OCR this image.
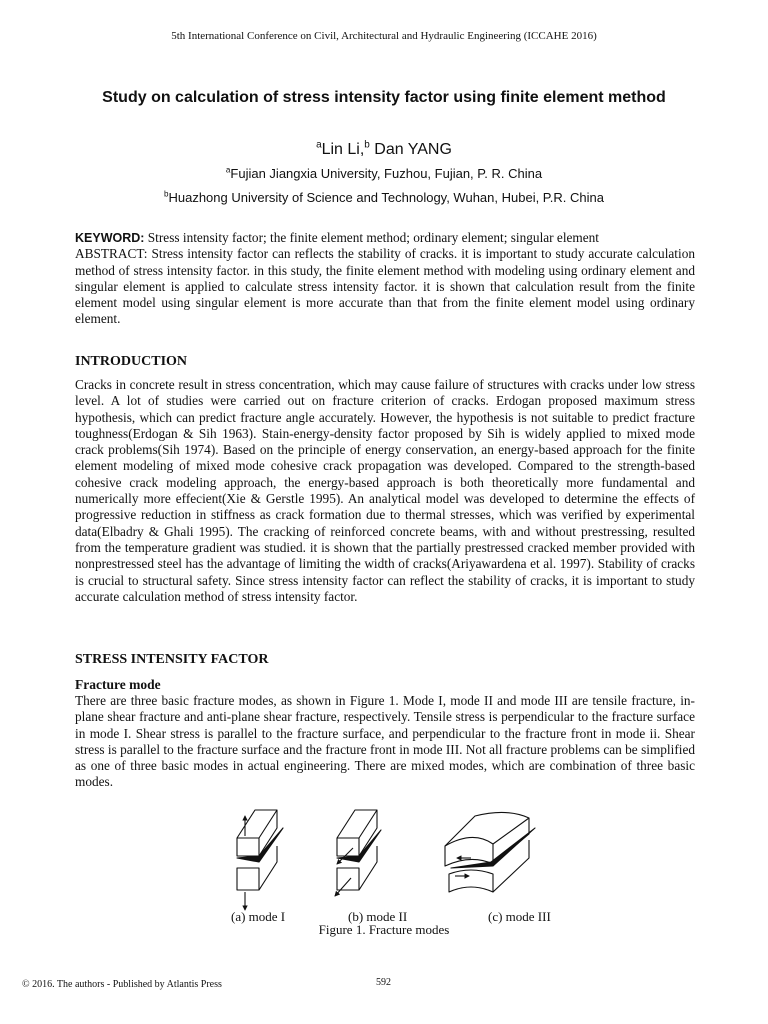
5th International Conference on Civil, Architectural and Hydraulic Engineering (ICCAHE 2016)
Study on calculation of stress intensity factor using finite element method
$^a$Lin Li,$^b$ Dan YANG
$^a$Fujian Jiangxia University, Fuzhou, Fujian, P. R. China
$^b$Huazhong University of Science and Technology, Wuhan, Hubei, P.R. China
KEYWORD: Stress intensity factor; the finite element method; ordinary element; singular element
ABSTRACT: Stress intensity factor can reflects the stability of cracks. it is important to study accurate calculation method of stress intensity factor. in this study, the finite element method with modeling using ordinary element and singular element is applied to calculate stress intensity factor. it is shown that calculation result from the finite element model using singular element is more accurate than that from the finite element model using ordinary element.
INTRODUCTION
Cracks in concrete result in stress concentration, which may cause failure of structures with cracks under low stress level. A lot of studies were carried out on fracture criterion of cracks. Erdogan proposed maximum stress hypothesis, which can predict fracture angle accurately. However, the hypothesis is not suitable to predict fracture toughness(Erdogan & Sih 1963). Stain-energy-density factor proposed by Sih is widely applied to mixed mode crack problems(Sih 1974). Based on the principle of energy conservation, an energy-based approach for the finite element modeling of mixed mode cohesive crack propagation was developed. Compared to the strength-based cohesive crack modeling approach, the energy-based approach is both theoretically more fundamental and numerically more effecient(Xie & Gerstle 1995). An analytical model was developed to determine the effects of progressive reduction in stiffness as crack formation due to thermal stresses, which was verified by experimental data(Elbadry & Ghali 1995). The cracking of reinforced concrete beams, with and without prestressing, resulted from the temperature gradient was studied. it is shown that the partially prestressed cracked member provided with nonprestressed steel has the advantage of limiting the width of cracks(Ariyawardena et al. 1997). Stability of cracks is crucial to structural safety. Since stress intensity factor can reflect the stability of cracks, it is important to study accurate calculation method of stress intensity factor.
STRESS INTENSITY FACTOR
Fracture mode
There are three basic fracture modes, as shown in Figure 1. Mode I, mode II and mode III are tensile fracture, in-plane shear fracture and anti-plane shear fracture, respectively. Tensile stress is perpendicular to the fracture surface in mode I. Shear stress is parallel to the fracture surface, and perpendicular to the fracture front in mode ii. Shear stress is parallel to the fracture surface and the fracture front in mode III. Not all fracture problems can be simplified as one of three basic modes in actual engineering. There are mixed modes, which are combination of three basic modes.
(a) mode I	(b) mode II	(c) mode III
Figure 1. Fracture modes
© 2016. The authors - Published by Atlantis Press	592
